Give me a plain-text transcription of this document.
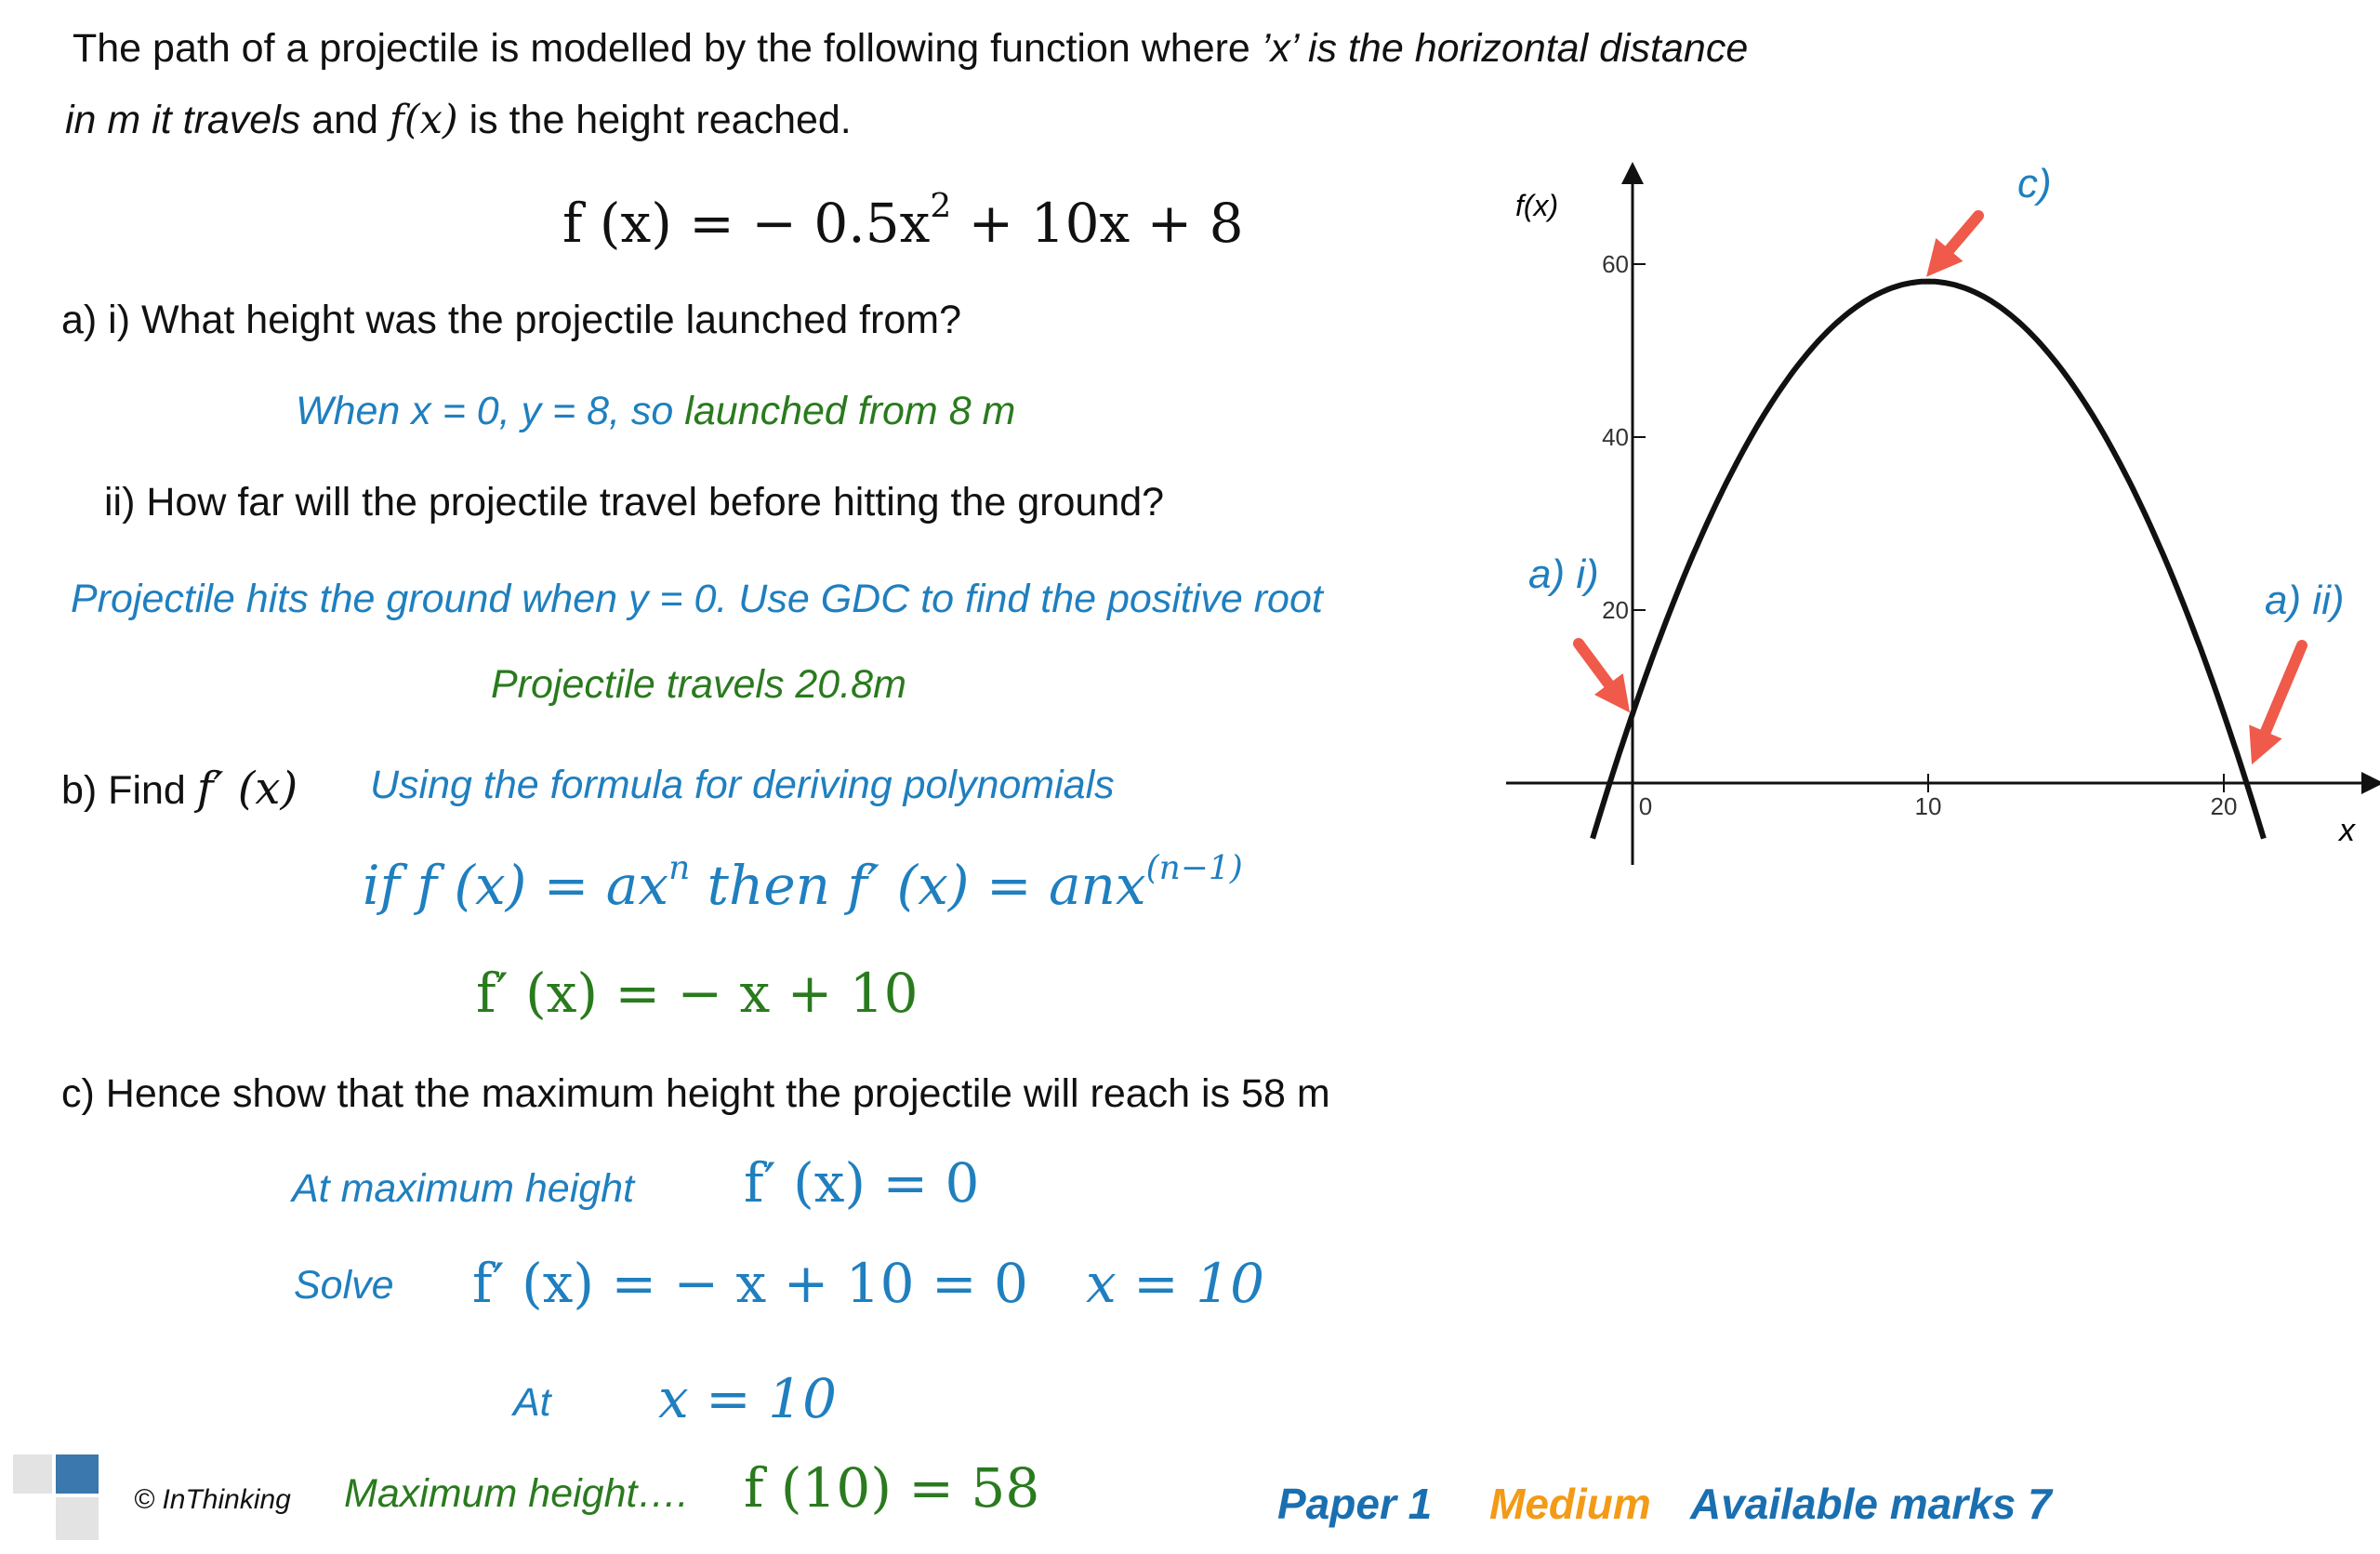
The path of a projectile is modelled by the following function where ’x’ is the horizontal distance
in m it travels and f(x) is the height reached.
f (x) = − $0.5x^2 + 10x + 8$
a) i) What height was the projectile launched from?
When x = 0, y = 8, so launched from 8 m
ii) How far will the projectile travel before hitting the ground?
Projectile hits the ground when y = 0. Use GDC to find the positive root
Projectile travels 20.8m
b) Find f′ (x) Using the formula for deriving polynomials
if f $(x) = ax^n$ then f′ (x) = anx$^{(n-1)}$
f′ (x) = − x + 10
c) Hence show that the maximum height the projectile will reach is 58 m
At maximum height f′ (x) = 0
Solve f′ (x) = − x + 10 = 0 x = 10
At x = 10
Maximum height…. f (10) = 58
© InThinking	Paper 1 Medium Available marks 7
f(x)
x
0	10	20
20
40
60
a) i)
c)
a) ii)
